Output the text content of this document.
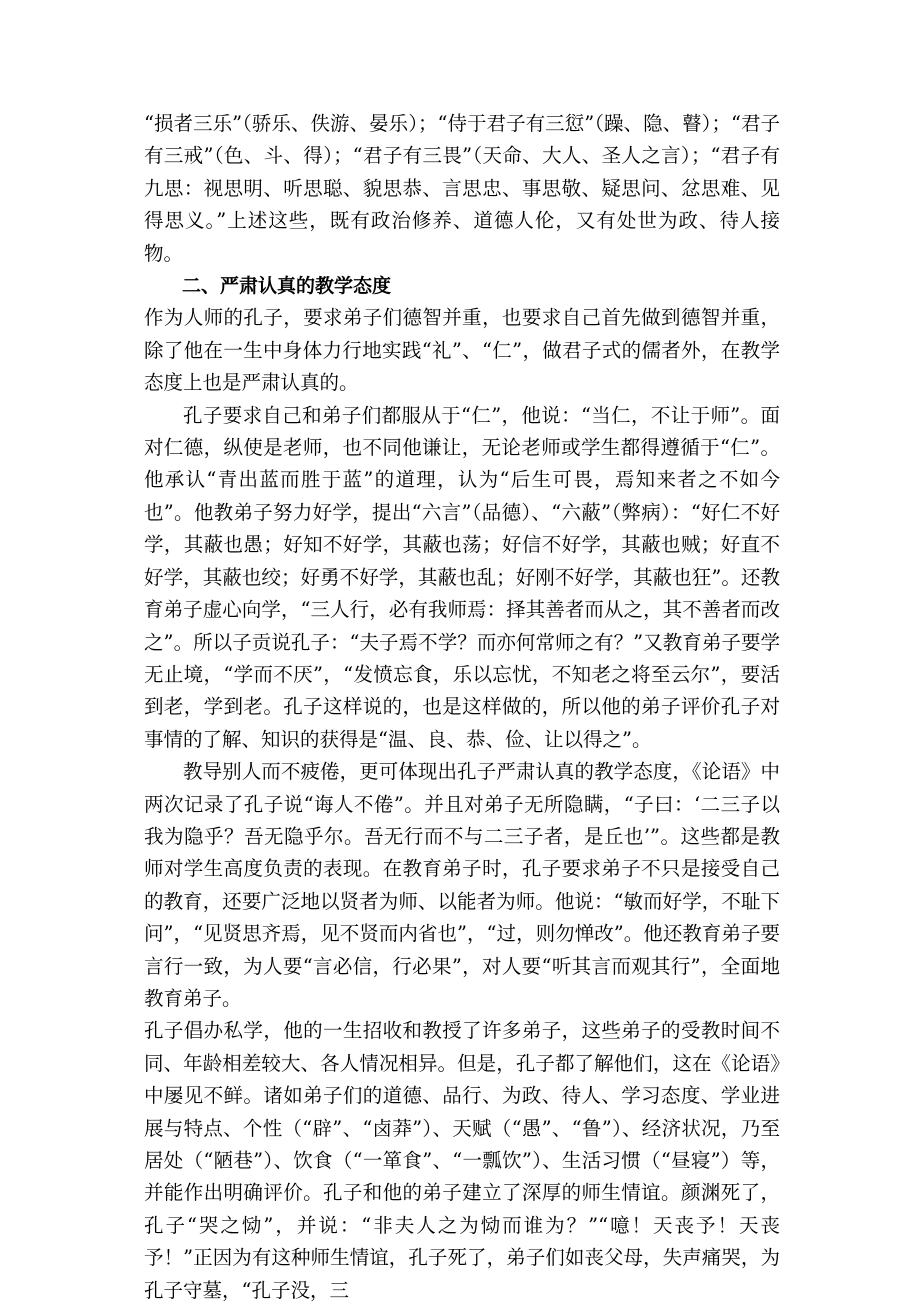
“损者三乐”（骄乐、佚游、晏乐）；“侍于君子有三愆”（躁、隐、瞽）；“君子有三戒”（色、斗、得）；“君子有三畏”（天命、大人、圣人之言）；“君子有九思：视思明、听思聪、貌思恭、言思忠、事思敬、疑思问、忿思难、见得思义。”上述这些，既有政治修养、道德人伦，又有处世为政、待人接物。

二、严肃认真的教学态度

作为人师的孔子，要求弟子们德智并重，也要求自己首先做到德智并重，除了他在一生中身体力行地实践“礼”、“仁”，做君子式的儒者外，在教学态度上也是严肃认真的。

孔子要求自己和弟子们都服从于“仁”，他说：“当仁，不让于师”。面对仁德，纵使是老师，也不同他谦让，无论老师或学生都得遵循于“仁”。他承认“青出蓝而胜于蓝”的道理，认为“后生可畏，焉知来者之不如今也”。他教弟子努力好学，提出“六言”（品德）、“六蔽”（弊病）：“好仁不好学，其蔽也愚；好知不好学，其蔽也荡；好信不好学，其蔽也贼；好直不好学，其蔽也绞；好勇不好学，其蔽也乱；好刚不好学，其蔽也狂”。还教育弟子虚心向学，“三人行，必有我师焉：择其善者而从之，其不善者而改之”。所以子贡说孔子：“夫子焉不学？而亦何常师之有？”又教育弟子要学无止境，“学而不厌”，“发愤忘食，乐以忘忧，不知老之将至云尔”，要活到老，学到老。孔子这样说的，也是这样做的，所以他的弟子评价孔子对事情的了解、知识的获得是“温、良、恭、俭、让以得之”。

教导别人而不疲倦，更可体现出孔子严肃认真的教学态度，《论语》中两次记录了孔子说“诲人不倦”。并且对弟子无所隐瞒，“子曰：‘二三子以我为隐乎？吾无隐乎尔。吾无行而不与二三子者，是丘也’”。这些都是教师对学生高度负责的表现。在教育弟子时，孔子要求弟子不只是接受自己的教育，还要广泛地以贤者为师、以能者为师。他说：“敏而好学，不耻下问”，“见贤思齐焉，见不贤而内省也”，“过，则勿惮改”。他还教育弟子要言行一致，为人要“言必信，行必果”，对人要“听其言而观其行”，全面地教育弟子。

孔子倡办私学，他的一生招收和教授了许多弟子，这些弟子的受教时间不同、年龄相差较大、各人情况相异。但是，孔子都了解他们，这在《论语》中屡见不鲜。诸如弟子们的道德、品行、为政、待人、学习态度、学业进展与特点、个性（“辟”、“卤莽”）、天赋（“愚”、“鲁”）、经济状况，乃至居处（“陋巷”）、饮食（“一箪食”、“一瓢饮”）、生活习惯（“昼寝”）等，并能作出明确评价。孔子和他的弟子建立了深厚的师生情谊。颜渊死了，孔子“哭之恸”，并说：“非夫人之为恸而谁为？”“噫！天丧予！天丧予！”正因为有这种师生情谊，孔子死了，弟子们如丧父母，失声痛哭，为孔子守墓，“孔子没，三
